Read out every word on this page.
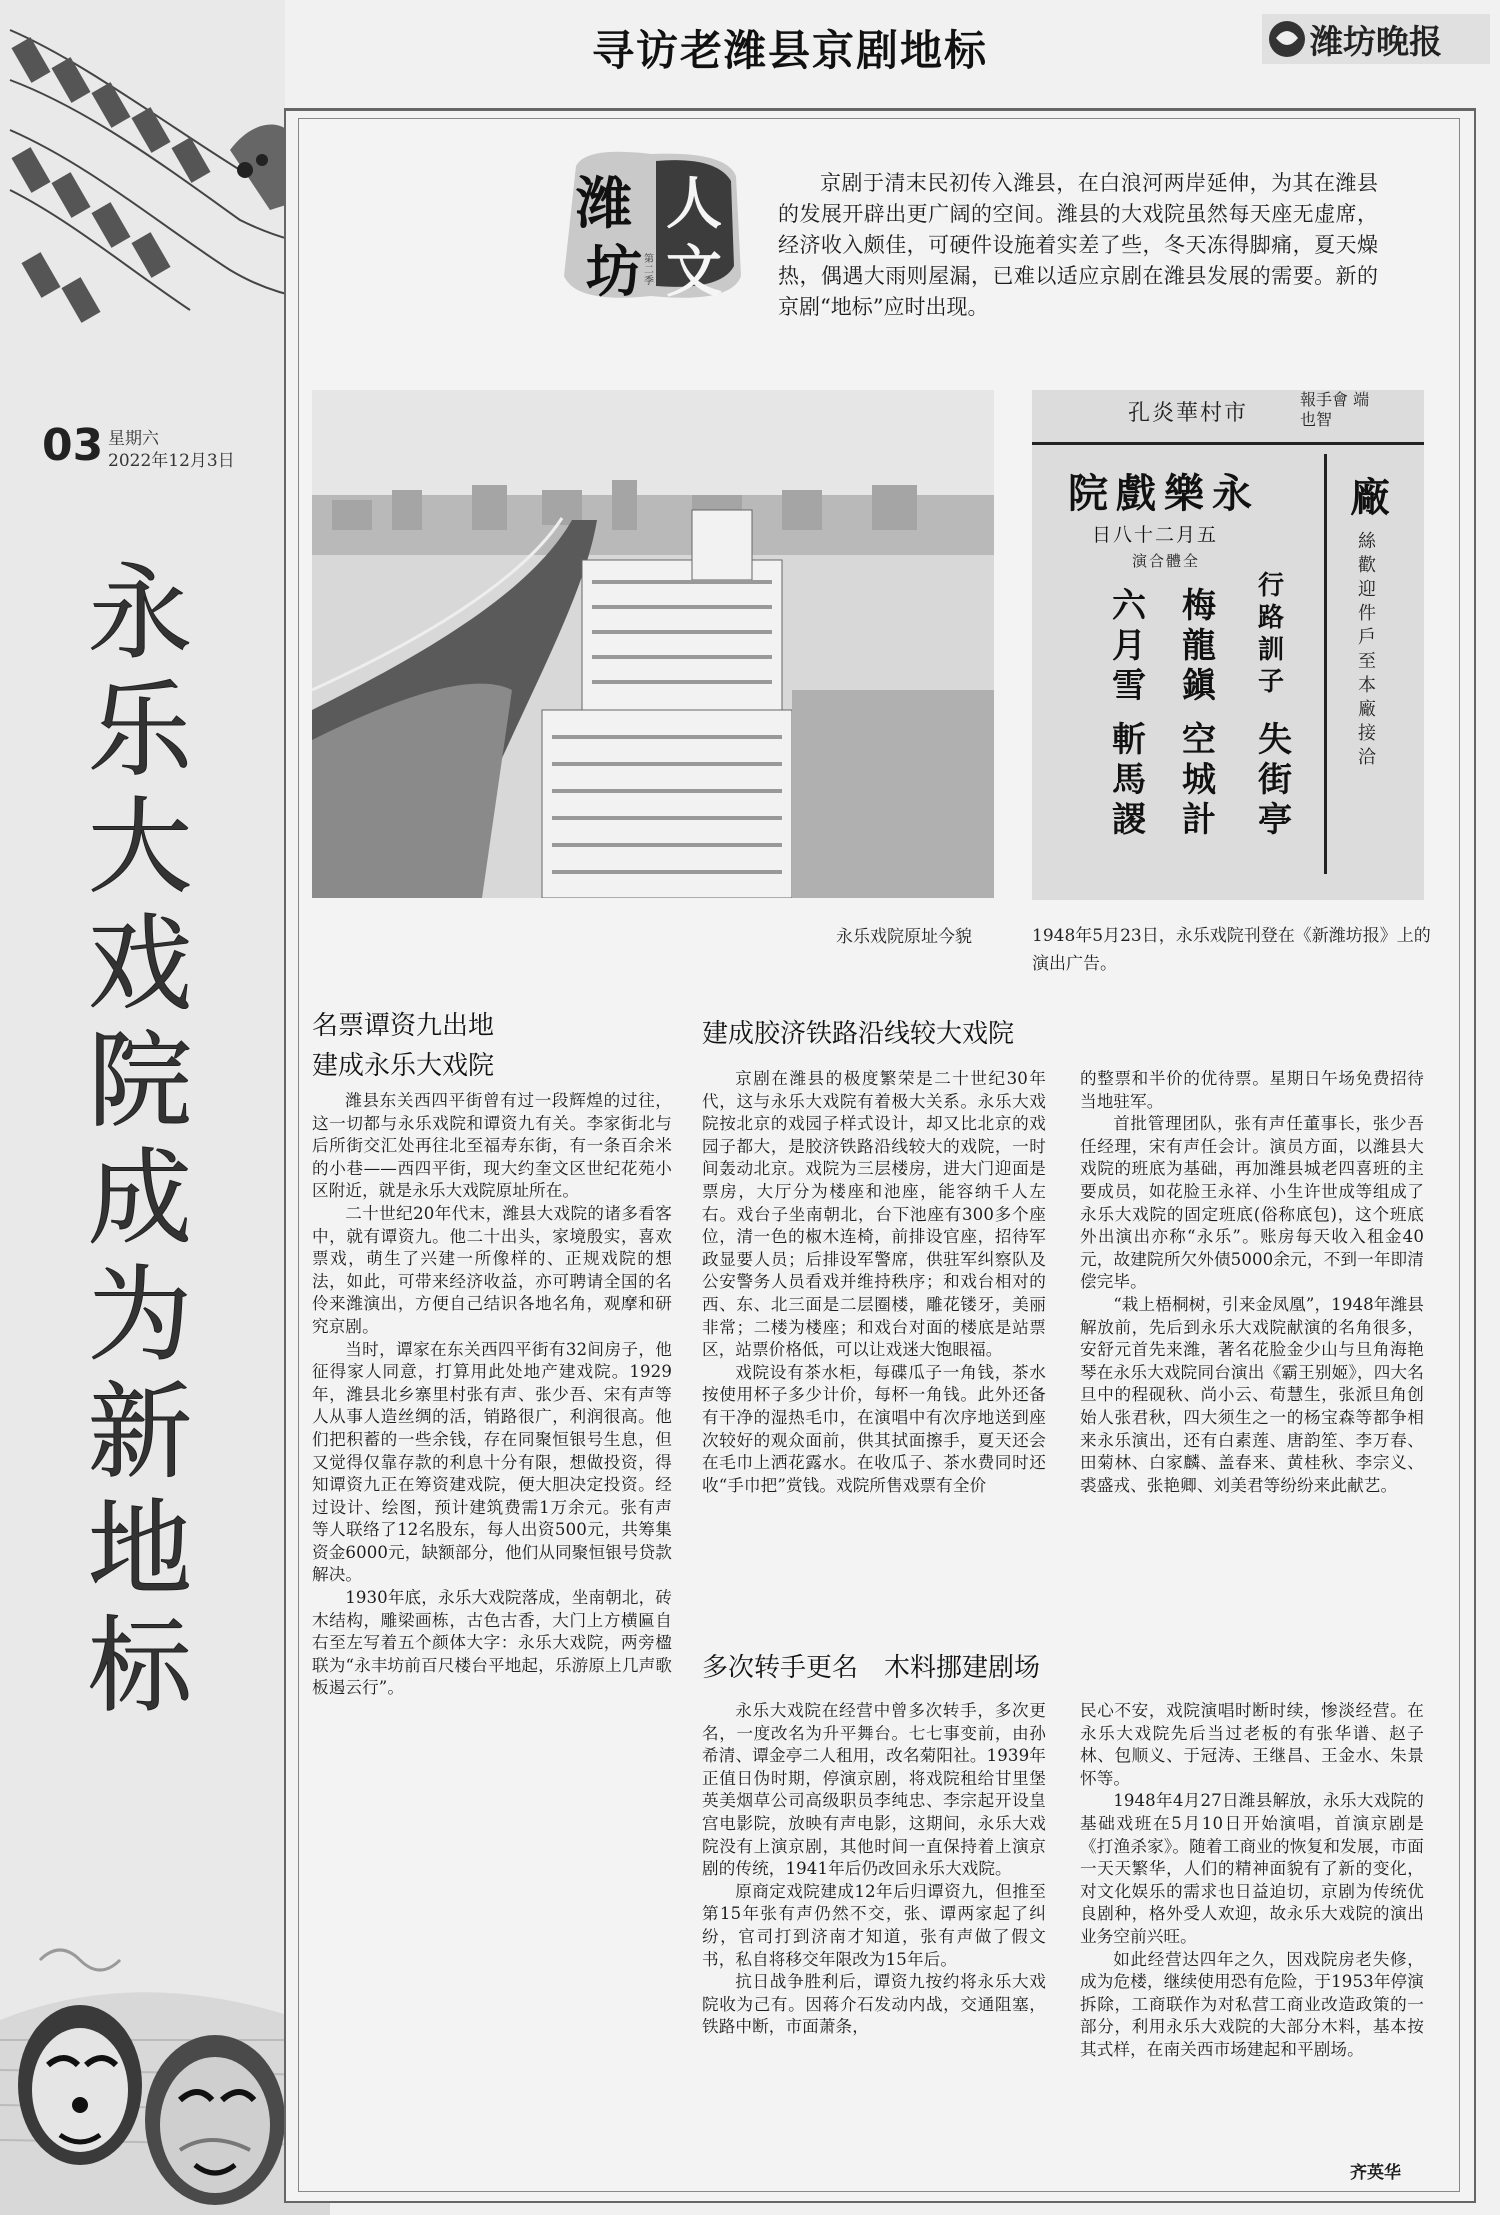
03 星期六
2022年12月3日
永乐大戏院成为新地标
寻访老潍县京剧地标	潍坊晚报
潍
坊
人
文
第二季

京剧于清末民初传入潍县，在白浪河两岸延伸，为其在潍县的发展开辟出更广阔的空间。潍县的大戏院虽然每天座无虚席，经济收入颇佳，可硬件设施着实差了些，冬天冻得脚痛，夏天燥热，偶遇大雨则屋漏，已难以适应京剧在潍县发展的需要。新的京剧“地标”应时出现。

孔炎華村市
報手會 端也智
院戲樂永
日八十二月五
演合體全
六月雪
斬馬謖
梅龍鎭
空城計
行路訓子
失街亭
廠
絲 歡 迎 件 戶 至 本 廠 接 洽
永乐戏院原址今貌	1948年5月23日，永乐戏院刊登在《新潍坊报》上的演出广告。
名票谭资九出地
建成永乐大戏院

潍县东关西四平街曾有过一段辉煌的过往，这一切都与永乐戏院和谭资九有关。李家街北与后所街交汇处再往北至福寿东街，有一条百余米的小巷——西四平街，现大约奎文区世纪花苑小区附近，就是永乐大戏院原址所在。

二十世纪20年代末，潍县大戏院的诸多看客中，就有谭资九。他二十出头，家境殷实，喜欢票戏，萌生了兴建一所像样的、正规戏院的想法，如此，可带来经济收益，亦可聘请全国的名伶来潍演出，方便自己结识各地名角，观摩和研究京剧。

当时，谭家在东关西四平街有32间房子，他征得家人同意，打算用此处地产建戏院。1929年，潍县北乡寨里村张有声、张少吾、宋有声等人从事人造丝绸的活，销路很广，利润很高。他们把积蓄的一些余钱，存在同聚恒银号生息，但又觉得仅靠存款的利息十分有限，想做投资，得知谭资九正在筹资建戏院，便大胆决定投资。经过设计、绘图，预计建筑费需1万余元。张有声等人联络了12名股东，每人出资500元，共筹集资金6000元，缺额部分，他们从同聚恒银号贷款解决。

1930年底，永乐大戏院落成，坐南朝北，砖木结构，雕梁画栋，古色古香，大门上方横匾自右至左写着五个颜体大字：永乐大戏院，两旁楹联为“永丰坊前百尺楼台平地起，乐游原上几声歌板遏云行”。

建成胶济铁路沿线较大戏院

京剧在潍县的极度繁荣是二十世纪30年代，这与永乐大戏院有着极大关系。永乐大戏院按北京的戏园子样式设计，却又比北京的戏园子都大，是胶济铁路沿线较大的戏院，一时间轰动北京。戏院为三层楼房，进大门迎面是票房，大厅分为楼座和池座，能容纳千人左右。戏台子坐南朝北，台下池座有300多个座位，清一色的椒木连椅，前排设官座，招待军政显要人员；后排设军警席，供驻军纠察队及公安警务人员看戏并维持秩序；和戏台相对的西、东、北三面是二层圈楼，雕花镂牙，美丽非常；二楼为楼座；和戏台对面的楼底是站票区，站票价格低，可以让戏迷大饱眼福。

戏院设有茶水柜，每碟瓜子一角钱，茶水按使用杯子多少计价，每杯一角钱。此外还备有干净的湿热毛巾，在演唱中有次序地送到座次较好的观众面前，供其拭面擦手，夏天还会在毛巾上洒花露水。在收瓜子、茶水费同时还收“手巾把”赏钱。戏院所售戏票有全价

的整票和半价的优待票。星期日午场免费招待当地驻军。

首批管理团队，张有声任董事长，张少吾任经理，宋有声任会计。演员方面，以潍县大戏院的班底为基础，再加潍县城老四喜班的主要成员，如花脸王永祥、小生许世成等组成了永乐大戏院的固定班底(俗称底包)，这个班底外出演出亦称“永乐”。账房每天收入租金40元，故建院所欠外债5000余元，不到一年即清偿完毕。

“栽上梧桐树，引来金凤凰”，1948年潍县解放前，先后到永乐大戏院献演的名角很多，安舒元首先来潍，著名花脸金少山与旦角海艳琴在永乐大戏院同台演出《霸王别姬》，四大名旦中的程砚秋、尚小云、荀慧生，张派旦角创始人张君秋，四大须生之一的杨宝森等都争相来永乐演出，还有白素莲、唐韵笙、李万春、田菊林、白家麟、盖春来、黄桂秋、李宗义、裘盛戎、张艳卿、刘美君等纷纷来此献艺。

多次转手更名　木料挪建剧场

永乐大戏院在经营中曾多次转手，多次更名，一度改名为升平舞台。七七事变前，由孙希清、谭金亭二人租用，改名菊阳社。1939年正值日伪时期，停演京剧，将戏院租给甘里堡英美烟草公司高级职员李纯忠、李宗起开设皇宫电影院，放映有声电影，这期间，永乐大戏院没有上演京剧，其他时间一直保持着上演京剧的传统，1941年后仍改回永乐大戏院。

原商定戏院建成12年后归谭资九，但推至第15年张有声仍然不交，张、谭两家起了纠纷，官司打到济南才知道，张有声做了假文书，私自将移交年限改为15年后。

抗日战争胜利后，谭资九按约将永乐大戏院收为己有。因蒋介石发动内战，交通阻塞，铁路中断，市面萧条，

民心不安，戏院演唱时断时续，惨淡经营。在永乐大戏院先后当过老板的有张华谱、赵子林、包顺义、于冠涛、王继昌、王金水、朱景怀等。

1948年4月27日潍县解放，永乐大戏院的基础戏班在5月10日开始演唱，首演京剧是《打渔杀家》。随着工商业的恢复和发展，市面一天天繁华，人们的精神面貌有了新的变化，对文化娱乐的需求也日益迫切，京剧为传统优良剧种，格外受人欢迎，故永乐大戏院的演出业务空前兴旺。

如此经营达四年之久，因戏院房老失修，成为危楼，继续使用恐有危险，于1953年停演拆除，工商联作为对私营工商业改造政策的一部分，利用永乐大戏院的大部分木料，基本按其式样，在南关西市场建起和平剧场。

齐英华
